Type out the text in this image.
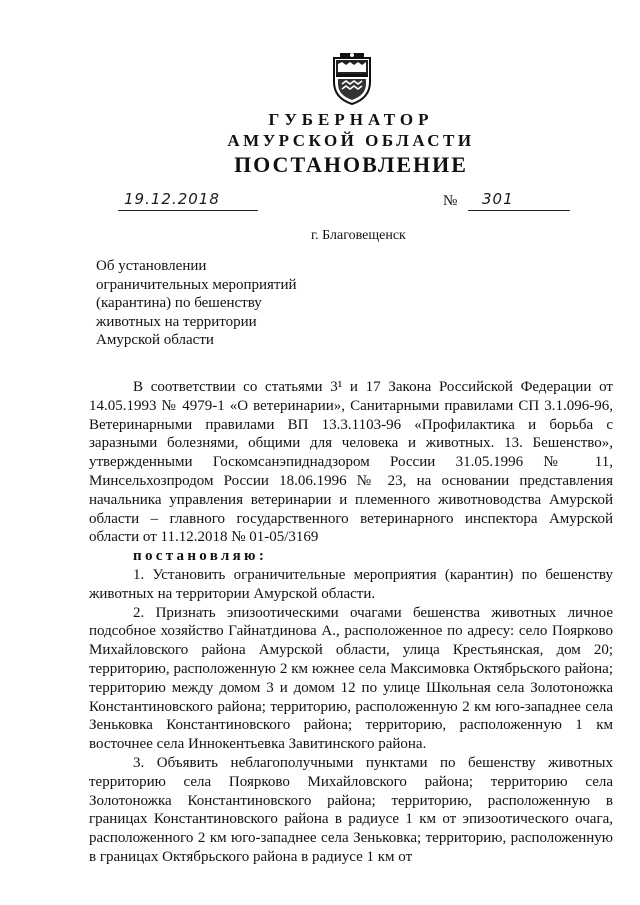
ГУБЕРНАТОР
АМУРСКОЙ ОБЛАСТИ
ПОСТАНОВЛЕНИЕ
19.12.2018	№ 301
г. Благовещенск
Об установлении
ограничительных мероприятий
(карантина) по бешенству
животных на территории
Амурской области

В соответствии со статьями 3¹ и 17 Закона Российской Федерации от 14.05.1993 № 4979-1 «О ветеринарии», Санитарными правилами СП 3.1.096-96, Ветеринарными правилами ВП 13.3.1103-96 «Профилактика и борьба с заразными болезнями, общими для человека и животных. 13. Бешенство», утвержденными Госкомсанэпиднадзором России 31.05.1996 № 11, Минсельхозпродом России 18.06.1996 № 23, на основании представления начальника управления ветеринарии и племенного животноводства Амурской области – главного государственного ветеринарного инспектора Амурской области от 11.12.2018 № 01-05/3169

постановляю:

1. Установить ограничительные мероприятия (карантин) по бешенству животных на территории Амурской области.

2. Признать эпизоотическими очагами бешенства животных личное подсобное хозяйство Гайнатдинова А., расположенное по адресу: село Поярково Михайловского района Амурской области, улица Крестьянская, дом 20; территорию, расположенную 2 км южнее села Максимовка Октябрьского района; территорию между домом 3 и домом 12 по улице Школьная села Золотоножка Константиновского района; территорию, расположенную 2 км юго-западнее села Зеньковка Константиновского района; территорию, расположенную 1 км восточнее села Иннокентьевка Завитинского района.

3. Объявить неблагополучными пунктами по бешенству животных территорию села Поярково Михайловского района; территорию села Золотоножка Константиновского района; территорию, расположенную в границах Константиновского района в радиусе 1 км от эпизоотического очага, расположенного 2 км юго-западнее села Зеньковка; территорию, расположенную в границах Октябрьского района в радиусе 1 км от
